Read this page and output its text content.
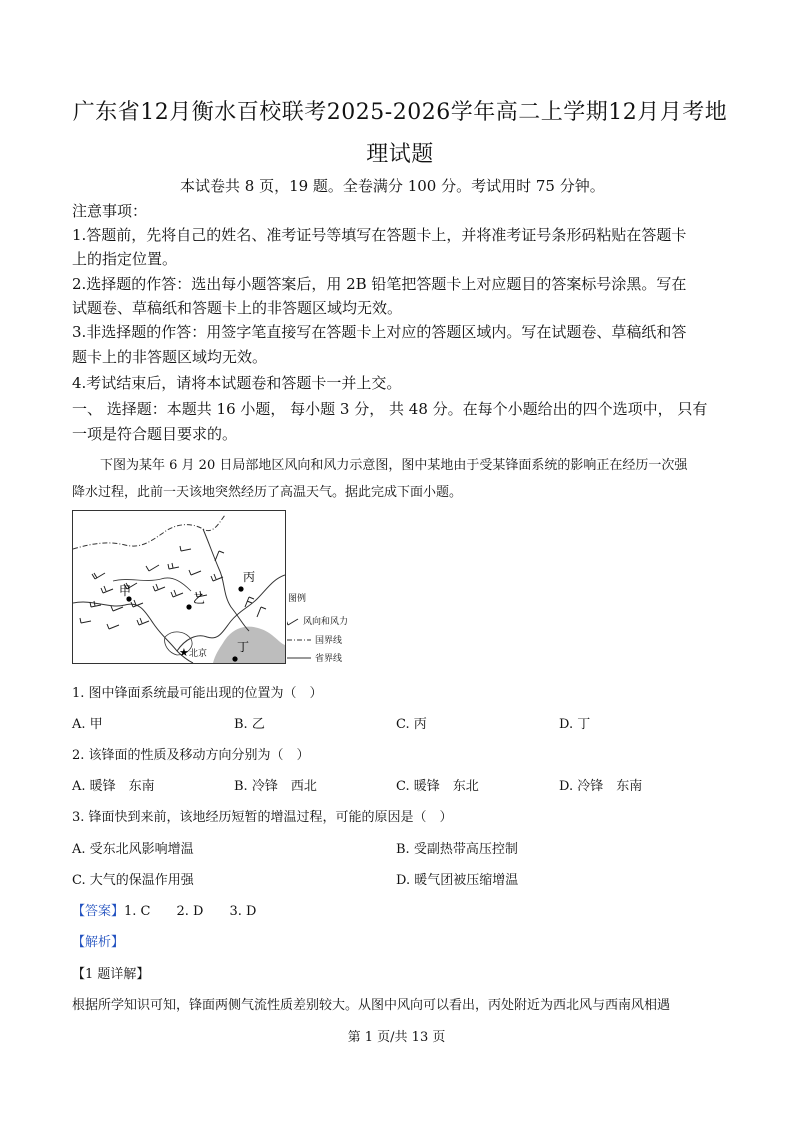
广东省12月衡水百校联考2025-2026学年高二上学期12月月考地理试题
本试卷共 8 页，19 题。全卷满分 100 分。考试用时 75 分钟。
注意事项：
1.答题前，先将自己的姓名、准考证号等填写在答题卡上，并将准考证号条形码粘贴在答题卡
上的指定位置。
2.选择题的作答：选出每小题答案后，用 2B 铅笔把答题卡上对应题目的答案标号涂黑。写在
试题卷、草稿纸和答题卡上的非答题区域均无效。
3.非选择题的作答：用签字笔直接写在答题卡上对应的答题区域内。写在试题卷、草稿纸和答
题卡上的非答题区域均无效。
4.考试结束后，请将本试题卷和答题卡一并上交。
一、 选择题：本题共 16 小题， 每小题 3 分， 共 48 分。在每个小题给出的四个选项中， 只有
一项是符合题目要求的。
下图为某年 6 月 20 日局部地区风向和风力示意图，图中某地由于受某锋面系统的影响正在经历一次强
降水过程，此前一天该地突然经历了高温天气。据此完成下面小题。
★
甲
乙
丙
丁
北京
图例
风向和风力
国界线
省界线
1. 图中锋面系统最可能出现的位置为（　）
A. 甲	B. 乙	C. 丙	D. 丁
2. 该锋面的性质及移动方向分别为（　）
A. 暖锋　东南	B. 冷锋　西北	C. 暖锋　东北	D. 冷锋　东南
3. 锋面快到来前，该地经历短暂的增温过程，可能的原因是（　）
A. 受东北风影响增温	B. 受副热带高压控制
C. 大气的保温作用强	D. 暖气团被压缩增温
【答案】1. C　　2. D　　3. D
【解析】
【1 题详解】
根据所学知识可知，锋面两侧气流性质差别较大。从图中风向可以看出，丙处附近为西北风与西南风相遇
第 1 页/共 13 页
